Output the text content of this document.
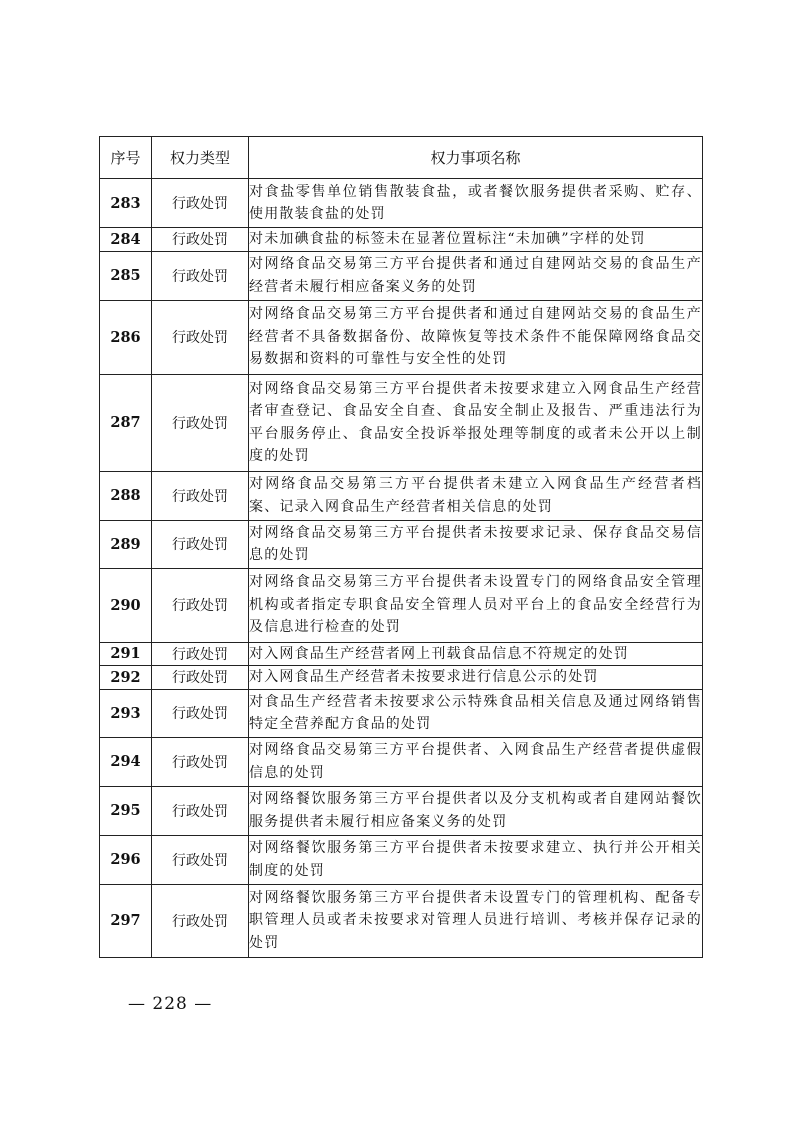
序号	权力类型	权力事项名称
283	行政处罚	对食盐零售单位销售散装食盐，或者餐饮服务提供者采购、贮存、使用散装食盐的处罚
284	行政处罚	对未加碘食盐的标签未在显著位置标注“未加碘”字样的处罚
285	行政处罚	对网络食品交易第三方平台提供者和通过自建网站交易的食品生产经营者未履行相应备案义务的处罚
286	行政处罚	对网络食品交易第三方平台提供者和通过自建网站交易的食品生产经营者不具备数据备份、故障恢复等技术条件不能保障网络食品交易数据和资料的可靠性与安全性的处罚
287	行政处罚	对网络食品交易第三方平台提供者未按要求建立入网食品生产经营者审查登记、食品安全自查、食品安全制止及报告、严重违法行为平台服务停止、食品安全投诉举报处理等制度的或者未公开以上制度的处罚
288	行政处罚	对网络食品交易第三方平台提供者未建立入网食品生产经营者档案、记录入网食品生产经营者相关信息的处罚
289	行政处罚	对网络食品交易第三方平台提供者未按要求记录、保存食品交易信息的处罚
290	行政处罚	对网络食品交易第三方平台提供者未设置专门的网络食品安全管理机构或者指定专职食品安全管理人员对平台上的食品安全经营行为及信息进行检查的处罚
291	行政处罚	对入网食品生产经营者网上刊载食品信息不符规定的处罚
292	行政处罚	对入网食品生产经营者未按要求进行信息公示的处罚
293	行政处罚	对食品生产经营者未按要求公示特殊食品相关信息及通过网络销售特定全营养配方食品的处罚
294	行政处罚	对网络食品交易第三方平台提供者、入网食品生产经营者提供虚假信息的处罚
295	行政处罚	对网络餐饮服务第三方平台提供者以及分支机构或者自建网站餐饮服务提供者未履行相应备案义务的处罚
296	行政处罚	对网络餐饮服务第三方平台提供者未按要求建立、执行并公开相关制度的处罚
297	行政处罚	对网络餐饮服务第三方平台提供者未设置专门的管理机构、配备专职管理人员或者未按要求对管理人员进行培训、考核并保存记录的处罚
— 228 —
